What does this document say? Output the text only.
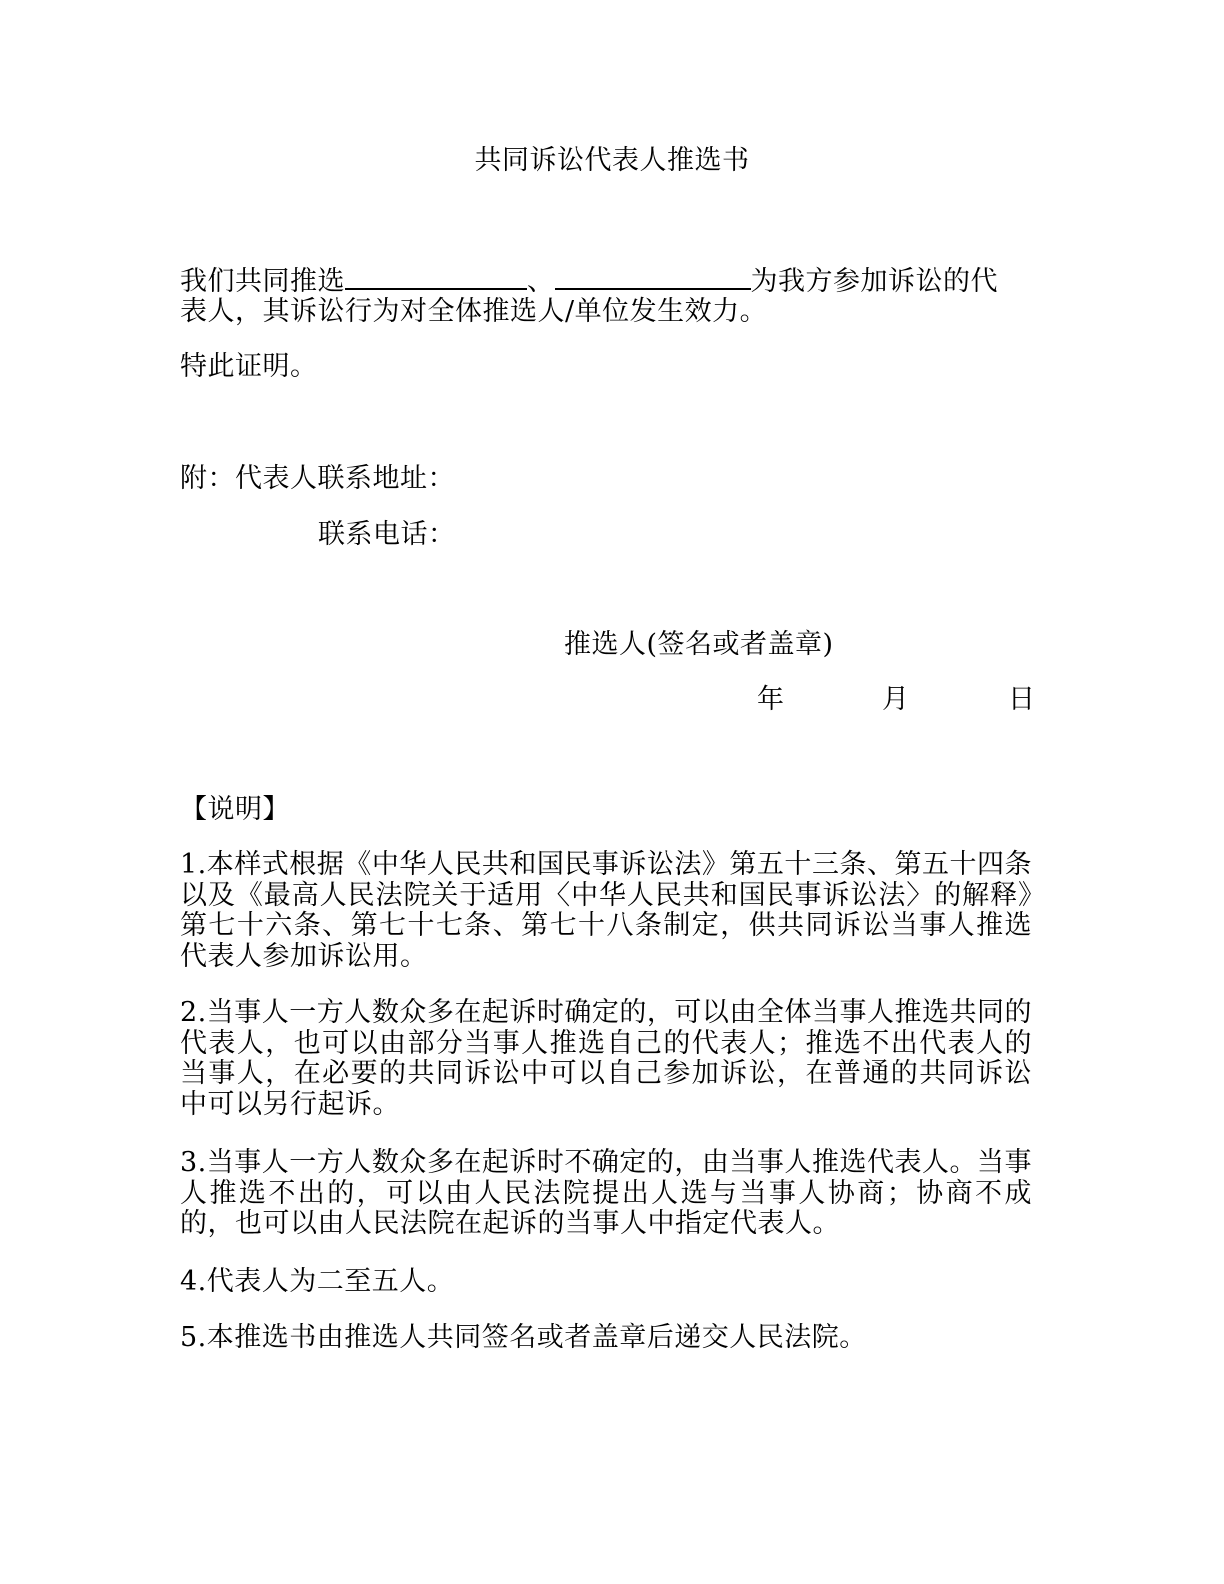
共同诉讼代表人推选书
我们共同推选	、	为我方参加诉讼的代
表人，其诉讼行为对全体推选人/单位发生效力。
特此证明。
附：代表人联系地址：
联系电话：
推选人(签名或者盖章)
年	月	日
【说明】
1.本样式根据《中华人民共和国民事诉讼法》第五十三条、第五十四条以及《最高人民法院关于适用〈中华人民共和国民事诉讼法〉的解释》第七十六条、第七十七条、第七十八条制定，供共同诉讼当事人推选代表人参加诉讼用。
2.当事人一方人数众多在起诉时确定的，可以由全体当事人推选共同的代表人，也可以由部分当事人推选自己的代表人；推选不出代表人的当事人，在必要的共同诉讼中可以自己参加诉讼，在普通的共同诉讼中可以另行起诉。
3.当事人一方人数众多在起诉时不确定的，由当事人推选代表人。当事人推选不出的，可以由人民法院提出人选与当事人协商；协商不成的，也可以由人民法院在起诉的当事人中指定代表人。
4.代表人为二至五人。
5.本推选书由推选人共同签名或者盖章后递交人民法院。
